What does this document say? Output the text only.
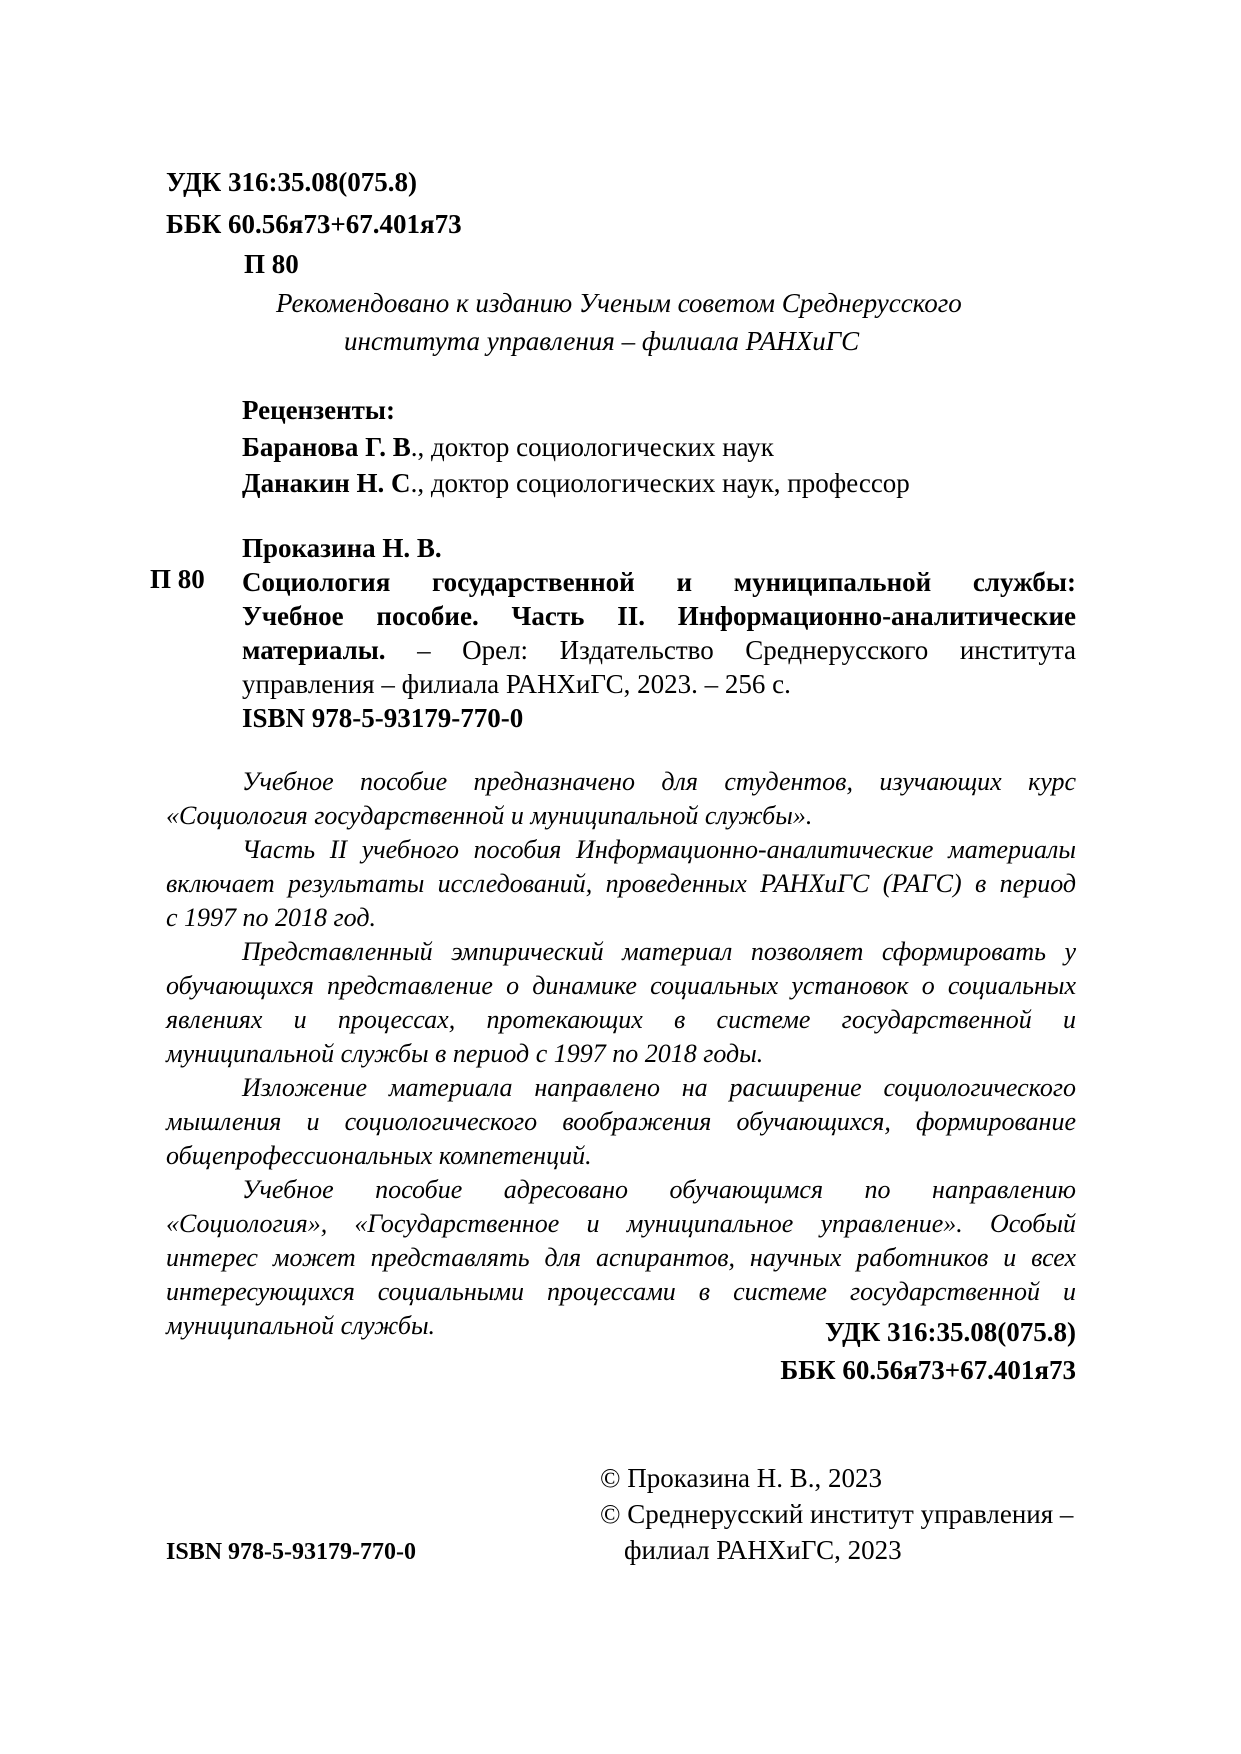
УДК 316:35.08(075.8)
ББК 60.56я73+67.401я73
П 80
Рекомендовано к изданию Ученым советом Среднерусского
института управления – филиала РАНХиГС
Рецензенты:
Баранова Г. В., доктор социологических наук
Данакин Н. С., доктор социологических наук, профессор
П 80
Проказина Н. В.
Социология государственной и муниципальной службы:
Учебное пособие. Часть II. Информационно-аналитические
материалы. – Орел: Издательство Среднерусского института
управления – филиала РАНХиГС, 2023. – 256 с.
ISBN 978-5-93179-770-0
Учебное пособие предназначено для студентов, изучающих курс
«Социология государственной и муниципальной службы».
Часть II учебного пособия Информационно-аналитические материалы
включает результаты исследований, проведенных РАНХиГС (РАГС) в период
с 1997 по 2018 год.
Представленный эмпирический материал позволяет сформировать у
обучающихся представление о динамике социальных установок о социальных
явлениях и процессах, протекающих в системе государственной и
муниципальной службы в период с 1997 по 2018 годы.
Изложение материала направлено на расширение социологического
мышления и социологического воображения обучающихся, формирование
общепрофессиональных компетенций.
Учебное пособие адресовано обучающимся по направлению
«Социология», «Государственное и муниципальное управление». Особый
интерес может представлять для аспирантов, научных работников и всех
интересующихся социальными процессами в системе государственной и
муниципальной службы.	УДК 316:35.08(075.8)
ББК 60.56я73+67.401я73
© Проказина Н. В., 2023
© Среднерусский институт управления –
филиал РАНХиГС, 2023
ISBN 978-5-93179-770-0
